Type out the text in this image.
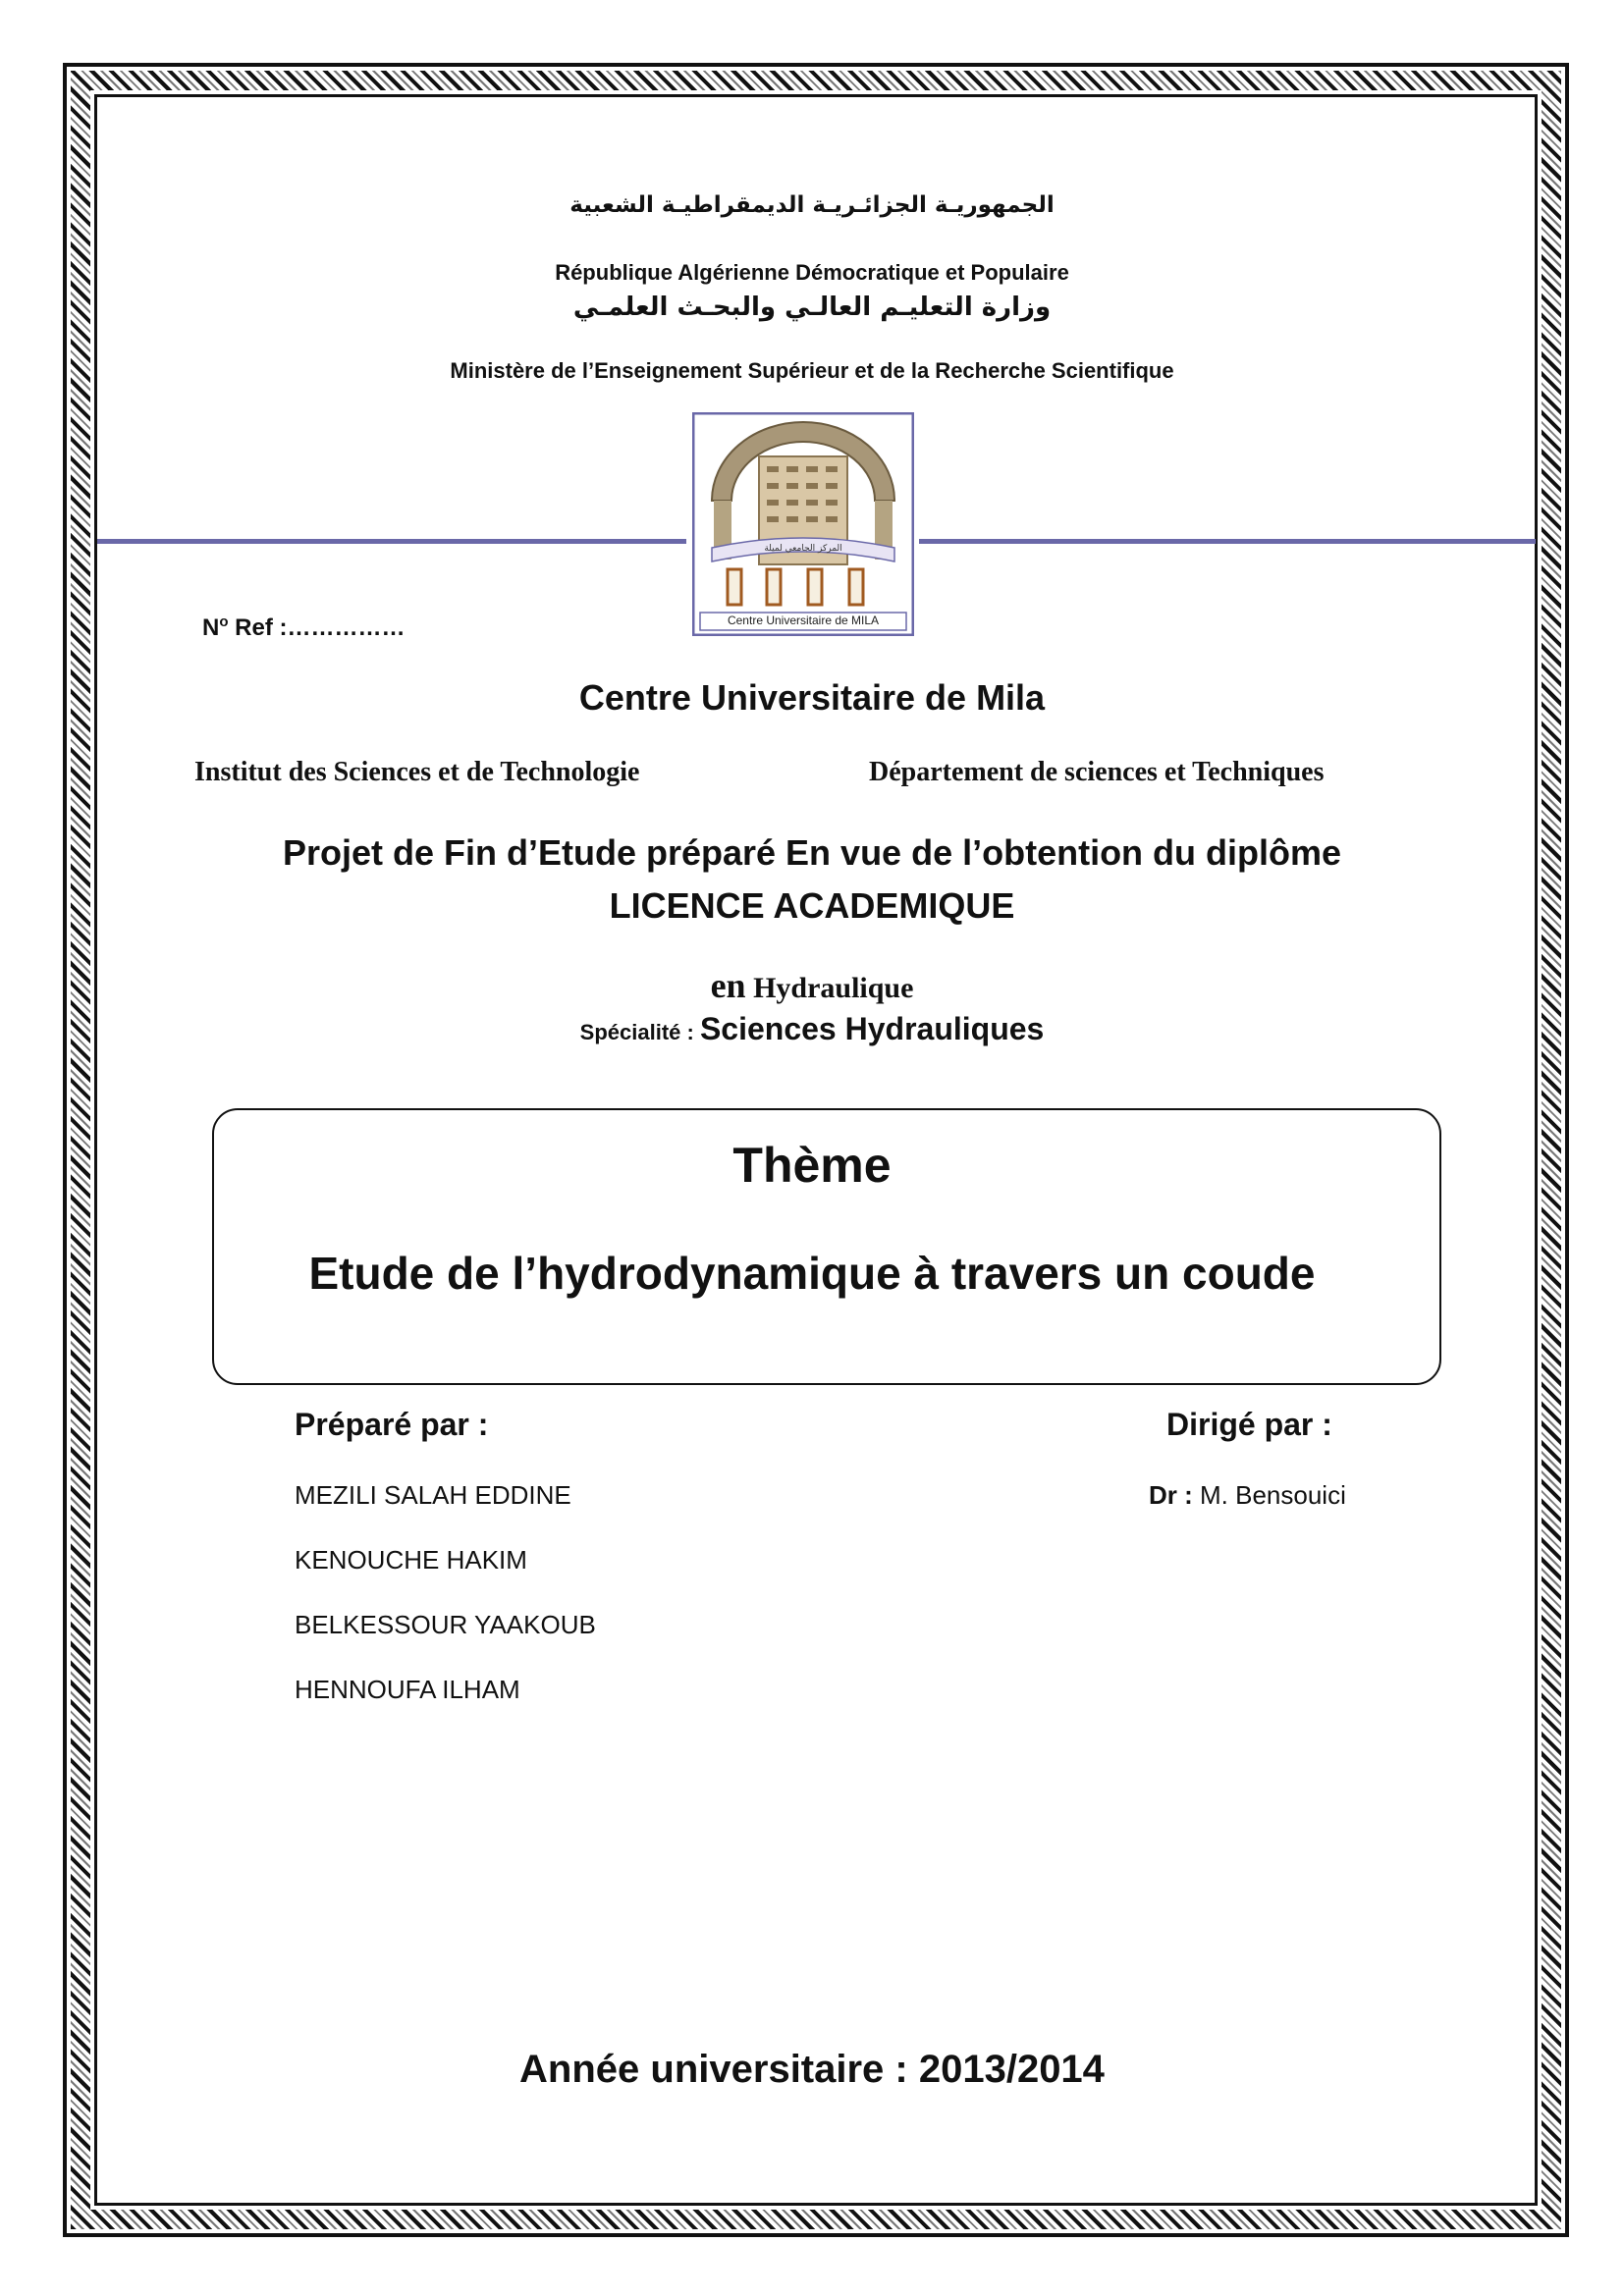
الجمهوريـة الجزائـريـة الديمقراطيـة الشعبية
République Algérienne Démocratique et Populaire
وزارة التعليـم العالـي والبحـث العلمـي
Ministère de l’Enseignement Supérieur et de la Recherche Scientifique
المركز الجامعي لميلة
Centre Universitaire de MILA
$N^o$ Ref :……………
Centre Universitaire de Mila
Institut des Sciences et de Technologie	Département de sciences et Techniques
Projet de Fin d’Etude préparé En vue de l’obtention du diplôme
LICENCE ACADEMIQUE
en Hydraulique
Spécialité : Sciences Hydrauliques
Thème
Etude de l’hydrodynamique à travers un coude
Préparé par :	Dirigé par :
MEZILI SALAH EDDINE
KENOUCHE HAKIM
BELKESSOUR YAAKOUB
HENNOUFA ILHAM
Dr : M. Bensouici
Année universitaire : 2013/2014
